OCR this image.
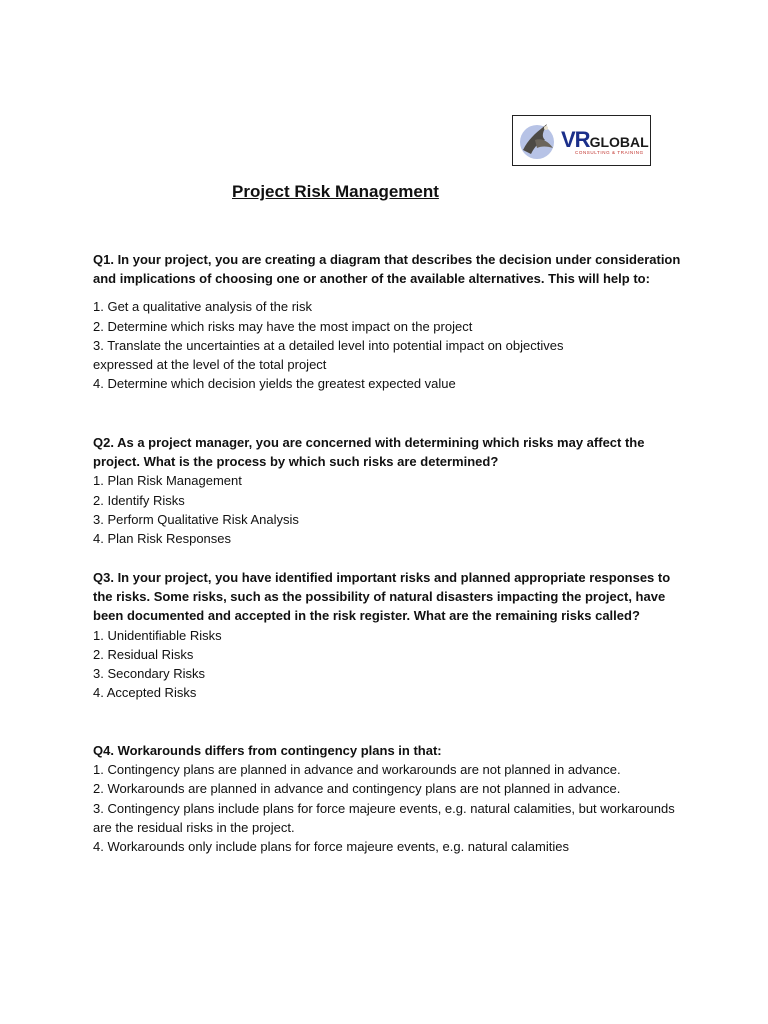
VRGLOBAL
CONSULTING & TRAINING
Project Risk Management

Q1. In your project, you are creating a diagram that describes the decision under consideration and implications of choosing one or another of the available alternatives. This will help to:

1. Get a qualitative analysis of the risk

2. Determine which risks may have the most impact on the project

3. Translate the uncertainties at a detailed level into potential impact on objectives expressed at the level of the total project

4. Determine which decision yields the greatest expected value

Q2. As a project manager, you are concerned with determining which risks may affect the project. What is the process by which such risks are determined?

1. Plan Risk Management

2. Identify Risks

3. Perform Qualitative Risk Analysis

4. Plan Risk Responses

Q3. In your project, you have identified important risks and planned appropriate responses to the risks. Some risks, such as the possibility of natural disasters impacting the project, have been documented and accepted in the risk register. What are the remaining risks called?

1. Unidentifiable Risks

2. Residual Risks

3. Secondary Risks

4. Accepted Risks

Q4. Workarounds differs from contingency plans in that:

1. Contingency plans are planned in advance and workarounds are not planned in advance.

2. Workarounds are planned in advance and contingency plans are not planned in advance.

3. Contingency plans include plans for force majeure events, e.g. natural calamities, but workarounds are the residual risks in the project.

4. Workarounds only include plans for force majeure events, e.g. natural calamities
